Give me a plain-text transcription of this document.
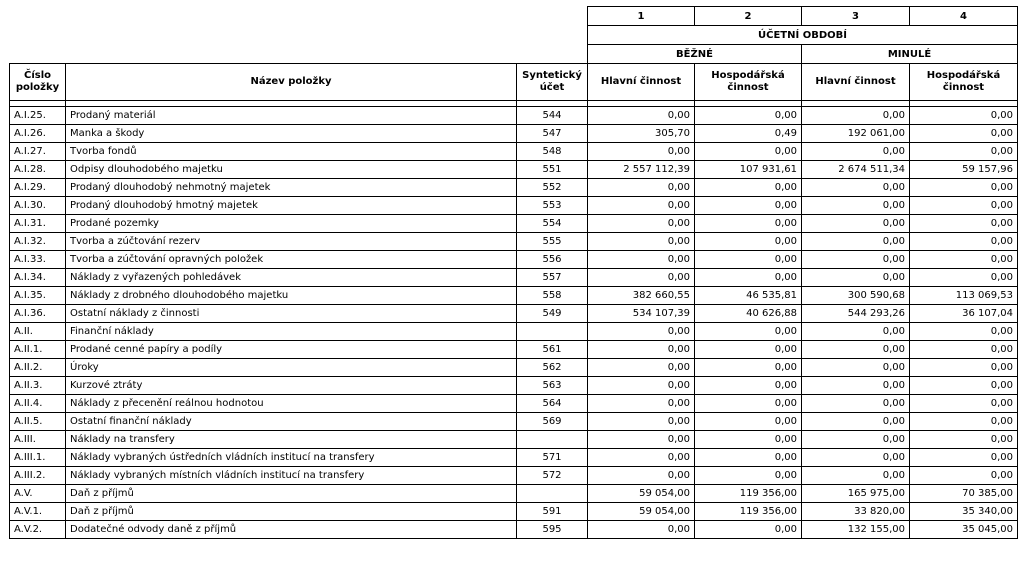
			1	2	3	4
			ÚČETNÍ OBDOBÍ			
			BĚŽNÉ		MINULÉ	
Číslo položky	Název položky	Syntetický účet	Hlavní činnost	Hospodářská činnost	Hlavní činnost	Hospodářská činnost

A.I.25.	Prodaný materiál	544	0,00	0,00	0,00	0,00
A.I.26.	Manka a škody	547	305,70	0,49	192 061,00	0,00
A.I.27.	Tvorba fondů	548	0,00	0,00	0,00	0,00
A.I.28.	Odpisy dlouhodobého majetku	551	2 557 112,39	107 931,61	2 674 511,34	59 157,96
A.I.29.	Prodaný dlouhodobý nehmotný majetek	552	0,00	0,00	0,00	0,00
A.I.30.	Prodaný dlouhodobý hmotný majetek	553	0,00	0,00	0,00	0,00
A.I.31.	Prodané pozemky	554	0,00	0,00	0,00	0,00
A.I.32.	Tvorba a zúčtování rezerv	555	0,00	0,00	0,00	0,00
A.I.33.	Tvorba a zúčtování opravných položek	556	0,00	0,00	0,00	0,00
A.I.34.	Náklady z vyřazených pohledávek	557	0,00	0,00	0,00	0,00
A.I.35.	Náklady z drobného dlouhodobého majetku	558	382 660,55	46 535,81	300 590,68	113 069,53
A.I.36.	Ostatní náklady z činnosti	549	534 107,39	40 626,88	544 293,26	36 107,04
A.II.	Finanční náklady		0,00	0,00	0,00	0,00
A.II.1.	Prodané cenné papíry a podíly	561	0,00	0,00	0,00	0,00
A.II.2.	Úroky	562	0,00	0,00	0,00	0,00
A.II.3.	Kurzové ztráty	563	0,00	0,00	0,00	0,00
A.II.4.	Náklady z přecenění reálnou hodnotou	564	0,00	0,00	0,00	0,00
A.II.5.	Ostatní finanční náklady	569	0,00	0,00	0,00	0,00
A.III.	Náklady na transfery		0,00	0,00	0,00	0,00
A.III.1.	Náklady vybraných ústředních vládních institucí na transfery	571	0,00	0,00	0,00	0,00
A.III.2.	Náklady vybraných místních vládních institucí na transfery	572	0,00	0,00	0,00	0,00
A.V.	Daň z příjmů		59 054,00	119 356,00	165 975,00	70 385,00
A.V.1.	Daň z příjmů	591	59 054,00	119 356,00	33 820,00	35 340,00
A.V.2.	Dodatečné odvody daně z příjmů	595	0,00	0,00	132 155,00	35 045,00
